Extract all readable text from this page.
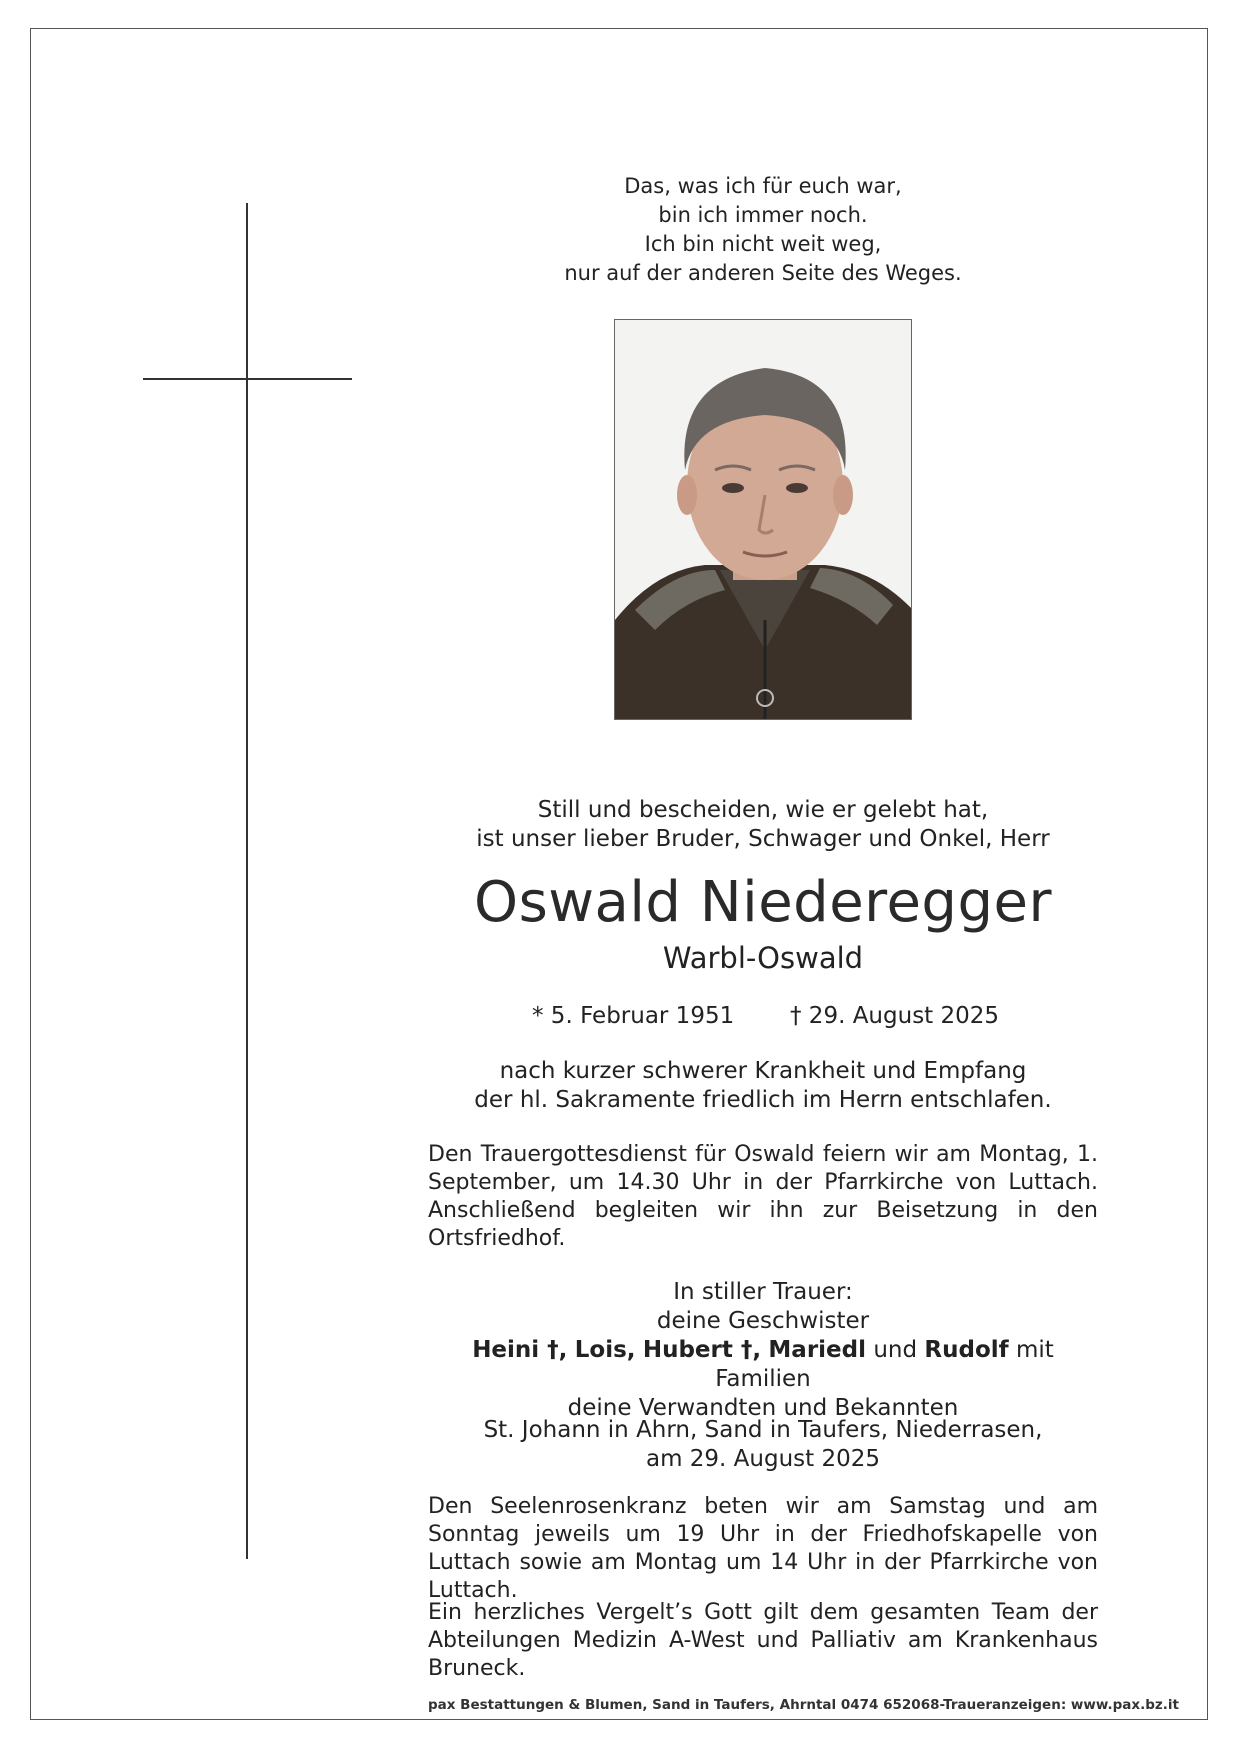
Das, was ich für euch war,
bin ich immer noch.
Ich bin nicht weit weg,
nur auf der anderen Seite des Weges.
Still und bescheiden, wie er gelebt hat,
ist unser lieber Bruder, Schwager und Onkel, Herr
Oswald Niederegger
Warbl-Oswald
* 5. Februar 1951 † 29. August 2025
nach kurzer schwerer Krankheit und Empfang
der hl. Sakramente friedlich im Herrn entschlafen.
Den Trauergottesdienst für Oswald feiern wir am Montag, 1. September, um 14.30 Uhr in der Pfarrkirche von Luttach. Anschließend begleiten wir ihn zur Beisetzung in den Ortsfriedhof.
In stiller Trauer:
deine Geschwister
Heini †, Lois, Hubert †, Mariedl und Rudolf mit Familien
deine Verwandten und Bekannten
St. Johann in Ahrn, Sand in Taufers, Niederrasen,
am 29. August 2025
Den Seelenrosenkranz beten wir am Samstag und am Sonntag jeweils um 19 Uhr in der Friedhofskapelle von Luttach sowie am Montag um 14 Uhr in der Pfarrkirche von Luttach.
Ein herzliches Vergelt’s Gott gilt dem gesamten Team der Abteilungen Medizin A-West und Palliativ am Krankenhaus Bruneck.
pax Bestattungen & Blumen, Sand in Taufers, Ahrntal 0474 652068-Traueranzeigen: www.pax.bz.it
